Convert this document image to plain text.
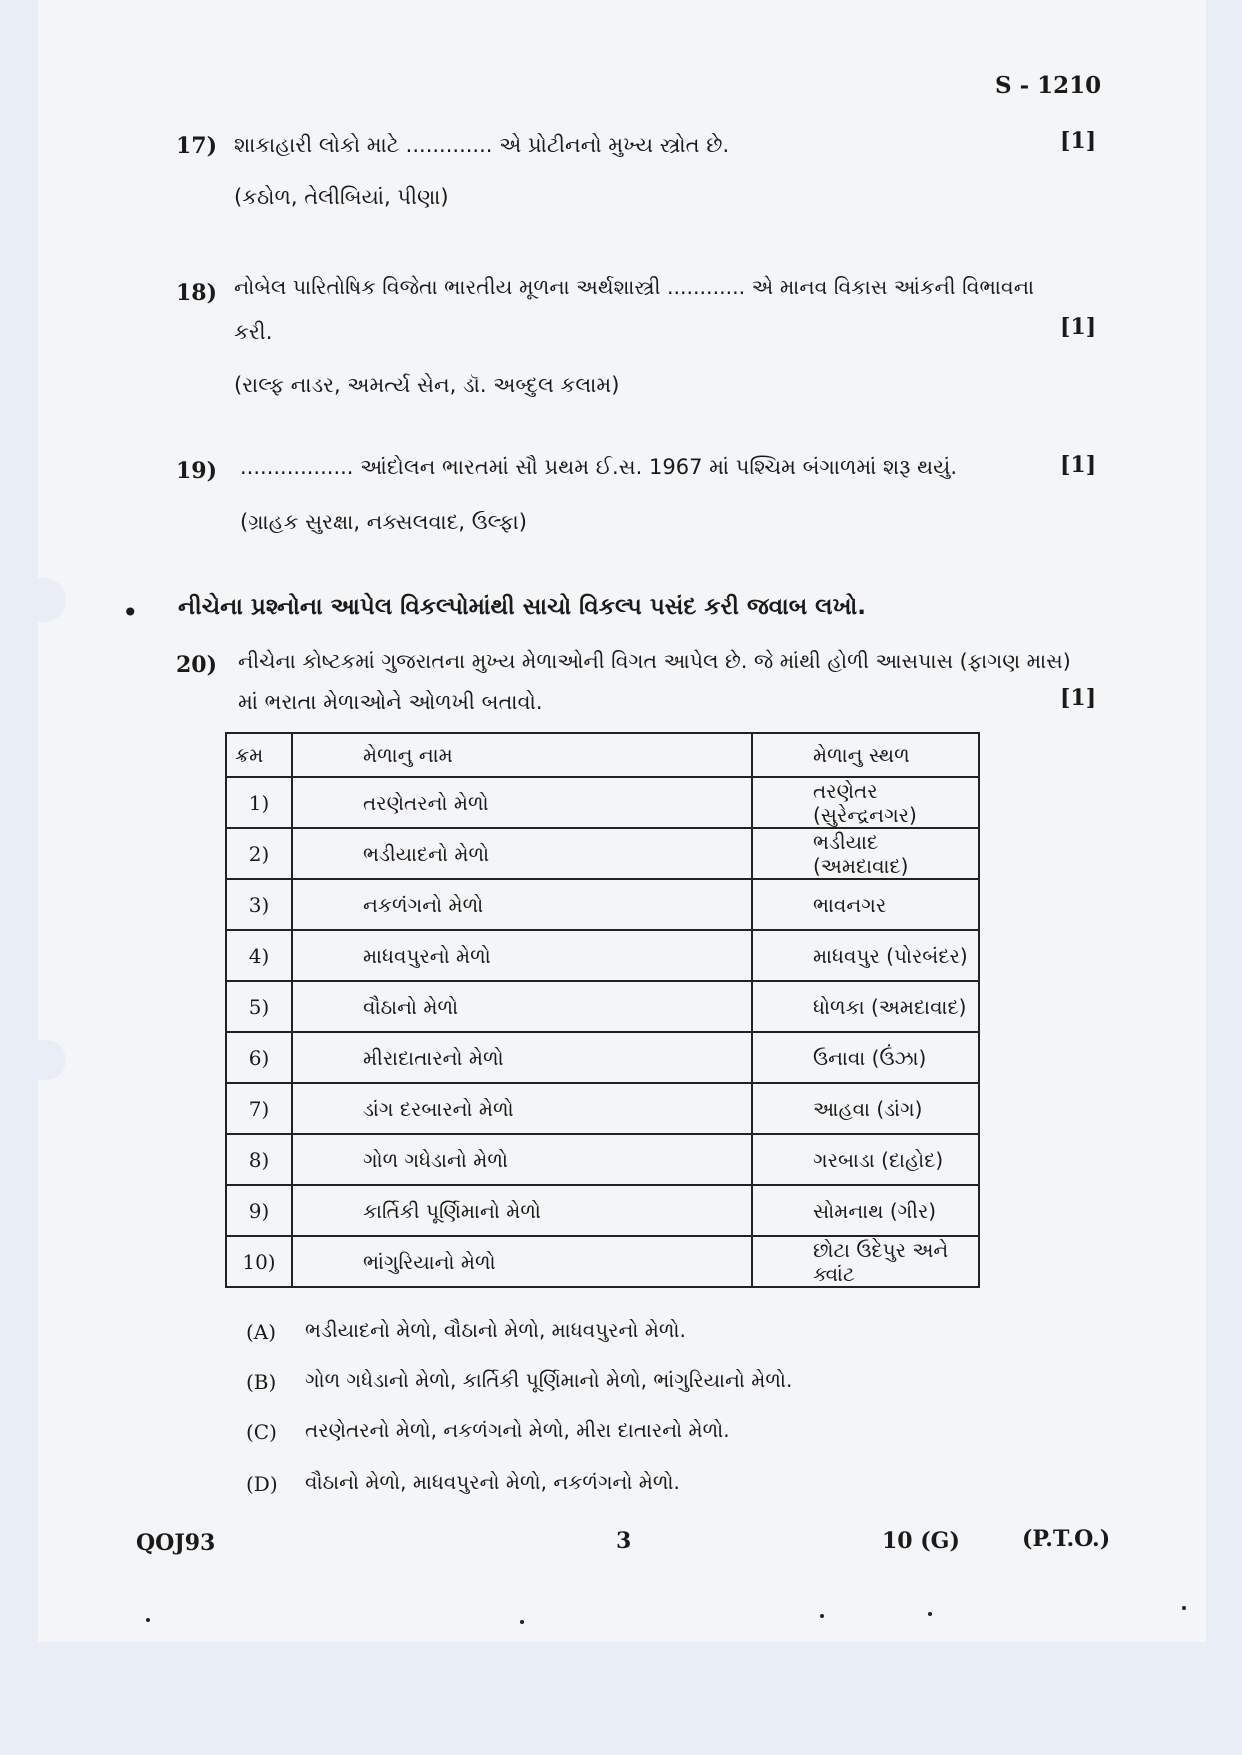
S - 1210
17) શાકાહારી લોકો માટે ............. એ પ્રોટીનનો મુખ્ય સ્ત્રોત છે.	[1]
(કઠોળ, તેલીબિયાં, પીણા)
18) નોબેલ પારિતોષિક વિજેતા ભારતીય મૂળના અર્થશાસ્ત્રી ............ એ માનવ વિકાસ આંકની વિભાવના
કરી.	[1]
(રાલ્ફ નાડર, અમર્ત્ય સેન, ડૉ. અબ્દુલ કલામ)
19) ................. આંદોલન ભારતમાં સૌ પ્રથમ ઈ.સ. 1967 માં પશ્ચિમ બંગાળમાં શરૂ થયું.	[1]
(ગ્રાહક સુરક્ષા, નક્સલવાદ, ઉલ્ફા)
• નીચેના પ્રશ્નોના આપેલ વિકલ્પોમાંથી સાચો વિકલ્પ પસંદ કરી જવાબ લખો.
20) નીચેના કોષ્ટકમાં ગુજરાતના મુખ્ય મેળાઓની વિગત આપેલ છે. જે માંથી હોળી આસપાસ (ફાગણ માસ)
માં ભરાતા મેળાઓને ઓળખી બતાવો.	[1]
ક્રમ	મેળાનુ નામ	મેળાનુ સ્થળ
1)	તરણેતરનો મેળો	તરણેતર (સુરેન્દ્રનગર)
2)	ભડીયાદનો મેળો	ભડીયાદ (અમદાવાદ)
3)	નકળંગનો મેળો	ભાવનગર
4)	માધવપુરનો મેળો	માધવપુર (પોરબંદર)
5)	વૌઠાનો મેળો	ધોળકા (અમદાવાદ)
6)	મીરાદાતારનો મેળો	ઉનાવા (ઉંઝા)
7)	ડાંગ દરબારનો મેળો	આહવા (ડાંગ)
8)	ગોળ ગધેડાનો મેળો	ગરબાડા (દાહોદ)
9)	કાર્તિકી પૂર્ણિમાનો મેળો	સોમનાથ (ગીર)
10)	ભાંગુરિયાનો મેળો	છોટા ઉદેપુર અને ક્વાંટ
(A) ભડીયાદનો મેળો, વૌઠાનો મેળો, માધવપુરનો મેળો.
(B) ગોળ ગધેડાનો મેળો, કાર્તિકી પૂર્ણિમાનો મેળો, ભાંગુરિયાનો મેળો.
(C) તરણેતરનો મેળો, નકળંગનો મેળો, મીરા દાતારનો મેળો.
(D) વૌઠાનો મેળો, માધવપુરનો મેળો, નકળંગનો મેળો.
QOJ93	3	10 (G)	(P.T.O.)
